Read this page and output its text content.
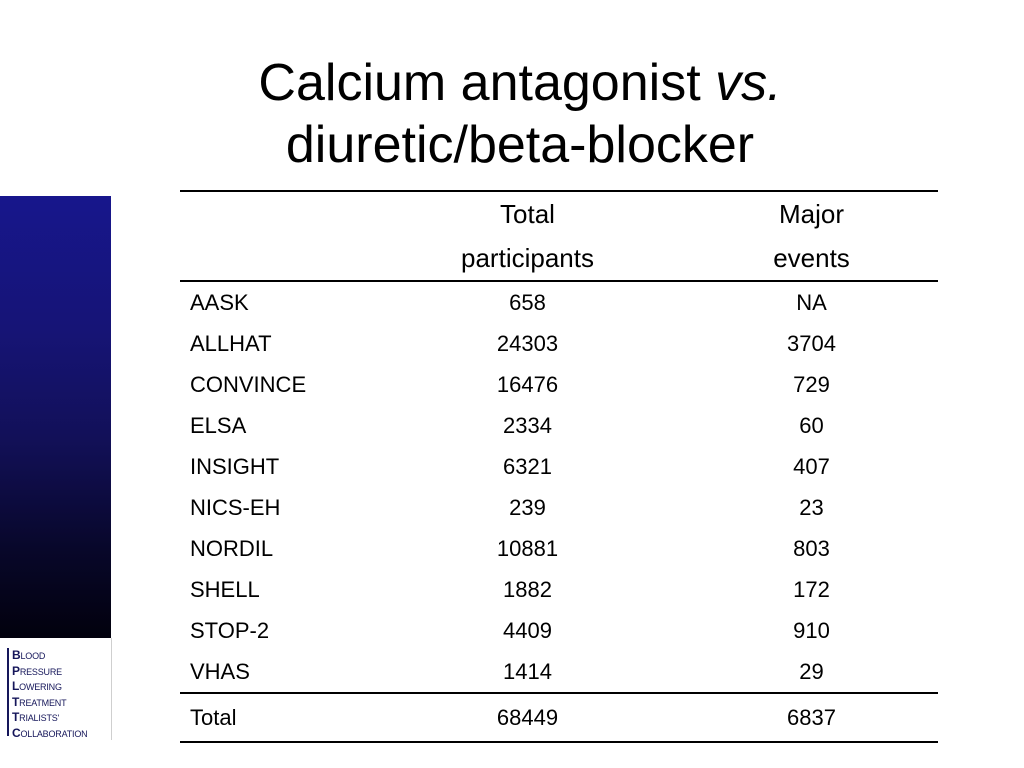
BLOOD
PRESSURE
LOWERING
TREATMENT
TRIALISTS'
COLLABORATION
Calcium antagonist vs.
diuretic/beta-blocker
	Total	Major
	participants	events
AASK	658	NA
ALLHAT	24303	3704
CONVINCE	16476	729
ELSA	2334	60
INSIGHT	6321	407
NICS-EH	239	23
NORDIL	10881	803
SHELL	1882	172
STOP-2	4409	910
VHAS	1414	29
Total	68449	6837
